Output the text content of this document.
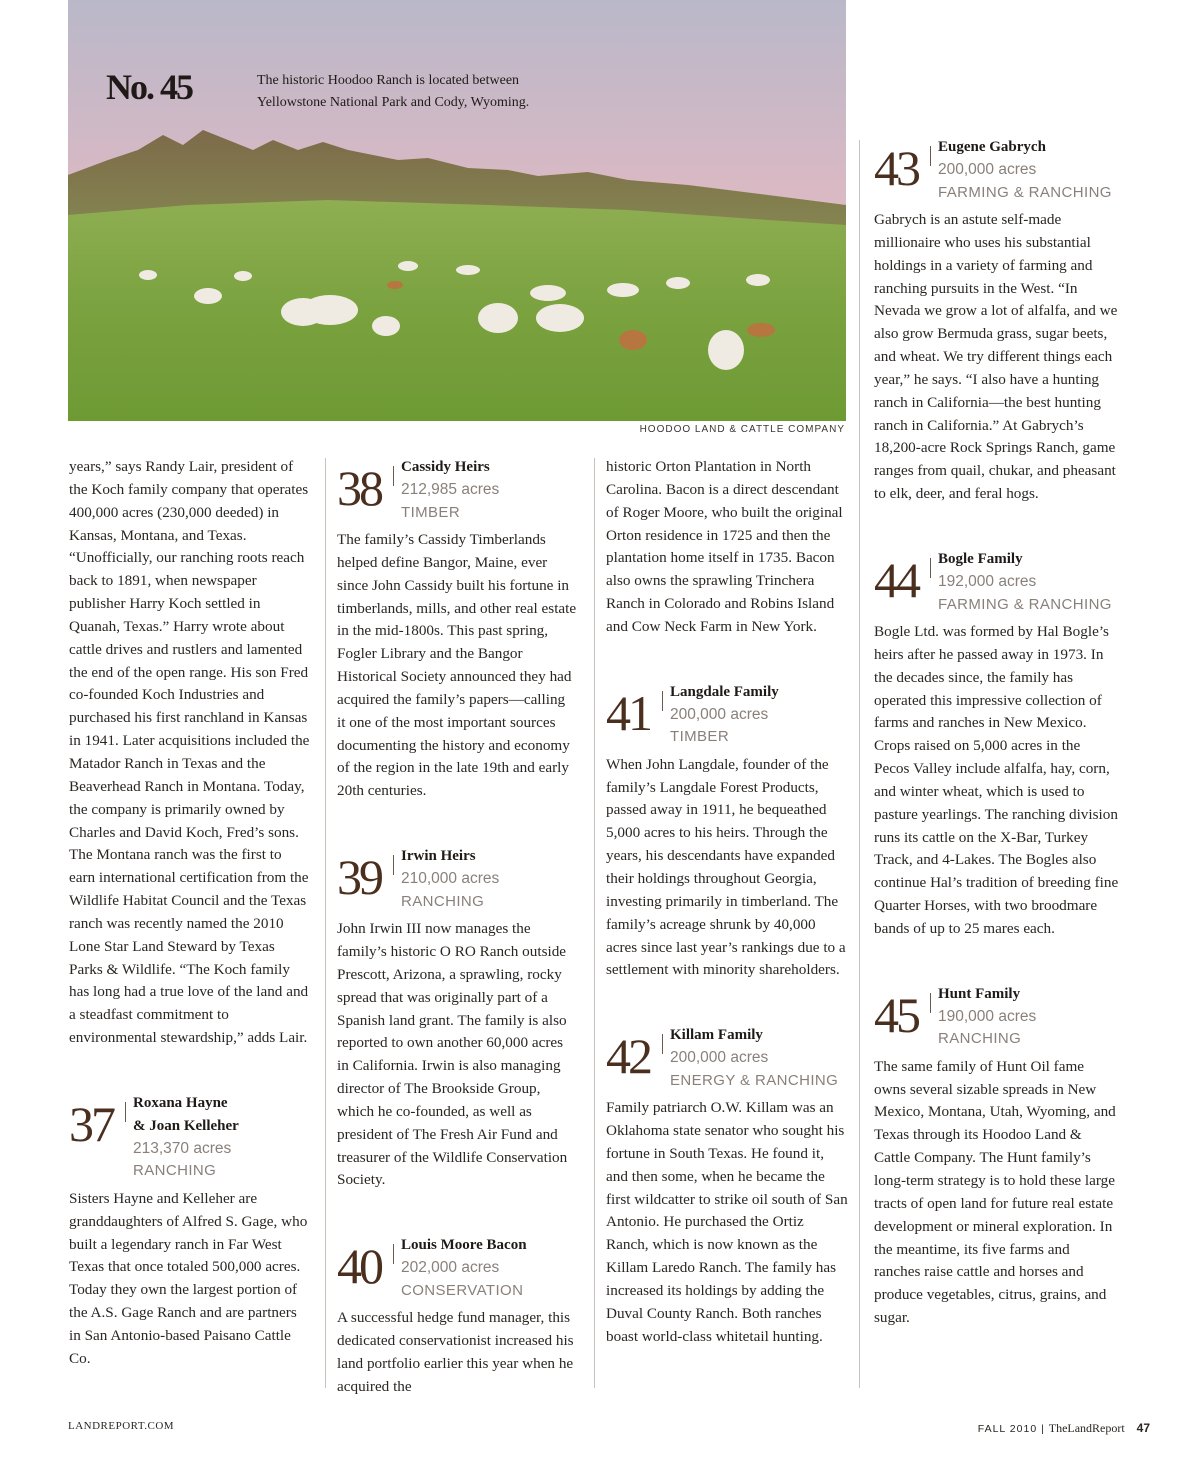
No. 45	The historic Hoodoo Ranch is located between Yellowstone National Park and Cody, Wyoming.
HOODOO LAND & CATTLE COMPANY

years,” says Randy Lair, president of the Koch family company that operates 400,000 acres (230,000 deeded) in Kansas, Montana, and Texas. “Unofficially, our ranching roots reach back to 1891, when newspaper publisher Harry Koch settled in Quanah, Texas.” Harry wrote about cattle drives and rustlers and lamented the end of the open range. His son Fred co-founded Koch Industries and purchased his first ranchland in Kansas in 1941. Later acquisitions included the Matador Ranch in Texas and the Beaverhead Ranch in Montana. Today, the company is primarily owned by Charles and David Koch, Fred’s sons. The Montana ranch was the first to earn international certification from the Wildlife Habitat Council and the Texas ranch was recently named the 2010 Lone Star Land Steward by Texas Parks & Wildlife. “The Koch family has long had a true love of the land and a steadfast commitment to environmental stewardship,” adds Lair.

37 Roxana Hayne
& Joan Kelleher
213,370 acres
RANCHING

Sisters Hayne and Kelleher are granddaughters of Alfred S. Gage, who built a legendary ranch in Far West Texas that once totaled 500,000 acres. Today they own the largest portion of the A.S. Gage Ranch and are partners in San Antonio-based Paisano Cattle Co.

38 Cassidy Heirs
212,985 acres
TIMBER

The family’s Cassidy Timberlands helped define Bangor, Maine, ever since John Cassidy built his fortune in timberlands, mills, and other real estate in the mid-1800s. This past spring, Fogler Library and the Bangor Historical Society announced they had acquired the family’s papers—calling it one of the most important sources documenting the history and economy of the region in the late 19th and early 20th centuries.

39 Irwin Heirs
210,000 acres
RANCHING

John Irwin III now manages the family’s historic O RO Ranch outside Prescott, Arizona, a sprawling, rocky spread that was originally part of a Spanish land grant. The family is also reported to own another 60,000 acres in California. Irwin is also managing director of The Brookside Group, which he co-founded, as well as president of The Fresh Air Fund and treasurer of the Wildlife Conservation Society.

40 Louis Moore Bacon
202,000 acres
CONSERVATION

A successful hedge fund manager, this dedicated conservationist increased his land portfolio earlier this year when he acquired the

historic Orton Plantation in North Carolina. Bacon is a direct descendant of Roger Moore, who built the original Orton residence in 1725 and then the plantation home itself in 1735. Bacon also owns the sprawling Trinchera Ranch in Colorado and Robins Island and Cow Neck Farm in New York.

41 Langdale Family
200,000 acres
TIMBER

When John Langdale, founder of the family’s Langdale Forest Products, passed away in 1911, he bequeathed 5,000 acres to his heirs. Through the years, his descendants have expanded their holdings throughout Georgia, investing primarily in timberland. The family’s acreage shrunk by 40,000 acres since last year’s rankings due to a settlement with minority shareholders.

42 Killam Family
200,000 acres
ENERGY & RANCHING

Family patriarch O.W. Killam was an Oklahoma state senator who sought his fortune in South Texas. He found it, and then some, when he became the first wildcatter to strike oil south of San Antonio. He purchased the Ortiz Ranch, which is now known as the Killam Laredo Ranch. The family has increased its holdings by adding the Duval County Ranch. Both ranches boast world-class whitetail hunting.

43 Eugene Gabrych
200,000 acres
FARMING & RANCHING

Gabrych is an astute self-made millionaire who uses his substantial holdings in a variety of farming and ranching pursuits in the West. “In Nevada we grow a lot of alfalfa, and we also grow Bermuda grass, sugar beets, and wheat. We try different things each year,” he says. “I also have a hunting ranch in California—the best hunting ranch in California.” At Gabrych’s 18,200-acre Rock Springs Ranch, game ranges from quail, chukar, and pheasant to elk, deer, and feral hogs.

44 Bogle Family
192,000 acres
FARMING & RANCHING

Bogle Ltd. was formed by Hal Bogle’s heirs after he passed away in 1973. In the decades since, the family has operated this impressive collection of farms and ranches in New Mexico. Crops raised on 5,000 acres in the Pecos Valley include alfalfa, hay, corn, and winter wheat, which is used to pasture yearlings. The ranching division runs its cattle on the X-Bar, Turkey Track, and 4-Lakes. The Bogles also continue Hal’s tradition of breeding fine Quarter Horses, with two broodmare bands of up to 25 mares each.

45 Hunt Family
190,000 acres
RANCHING

The same family of Hunt Oil fame owns several sizable spreads in New Mexico, Montana, Utah, Wyoming, and Texas through its Hoodoo Land & Cattle Company. The Hunt family’s long-term strategy is to hold these large tracts of open land for future real estate development or mineral exploration. In the meantime, its five farms and ranches raise cattle and horses and produce vegetables, citrus, grains, and sugar.

LANDREPORT.COM	FALL 2010 | TheLandReport 47
